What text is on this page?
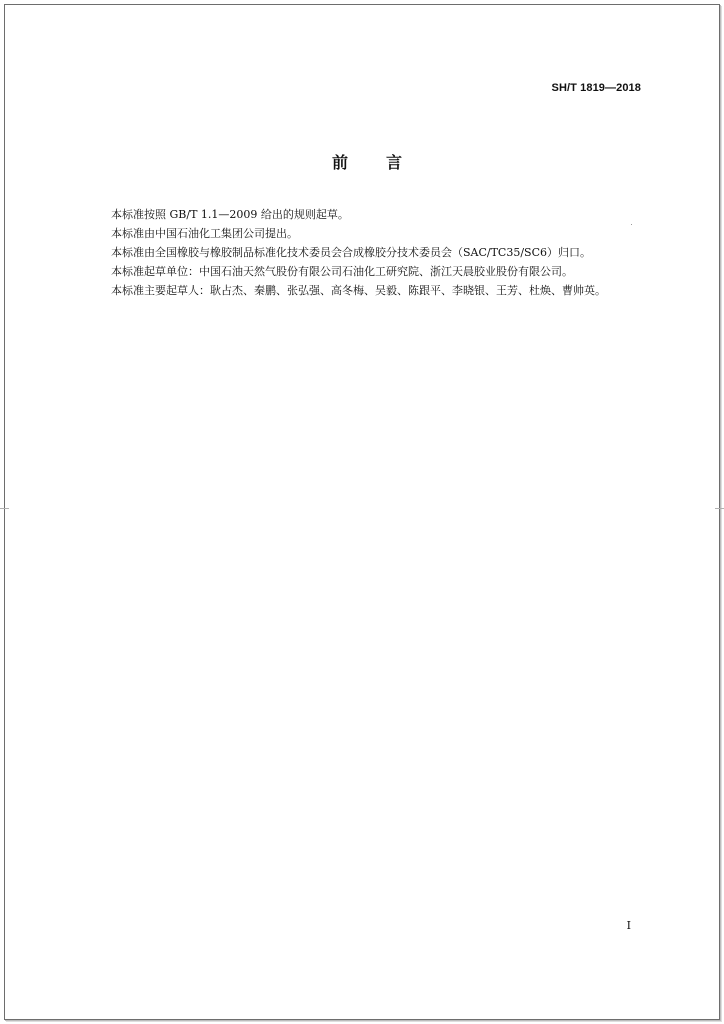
SH/T 1819—2018
前言

本标准按照 GB/T 1.1—2009 给出的规则起草。

本标准由中国石油化工集团公司提出。

本标准由全国橡胶与橡胶制品标准化技术委员会合成橡胶分技术委员会（SAC/TC35/SC6）归口。

本标准起草单位：中国石油天然气股份有限公司石油化工研究院、浙江天晨胶业股份有限公司。

本标准主要起草人：耿占杰、秦鹏、张弘强、高冬梅、吴毅、陈跟平、李晓银、王芳、杜焕、曹帅英。

I
